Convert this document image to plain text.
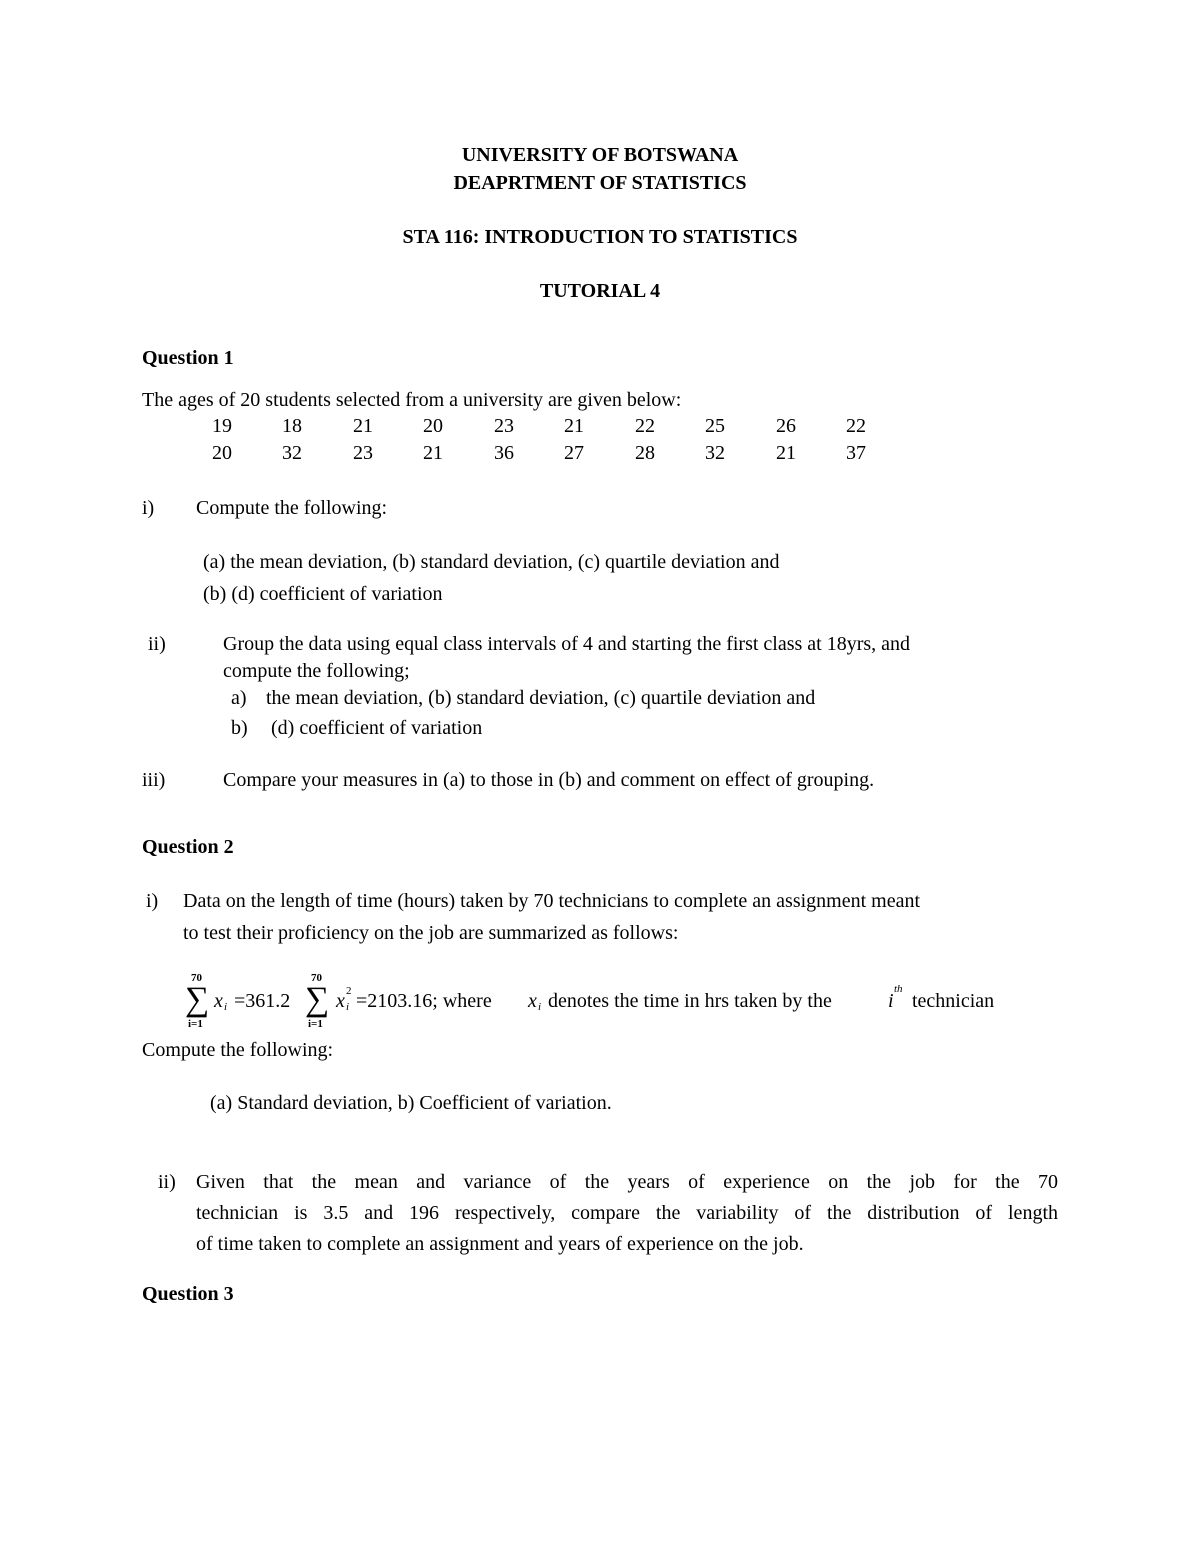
UNIVERSITY OF BOTSWANA
DEAPRTMENT OF STATISTICS
STA 116: INTRODUCTION TO STATISTICS
TUTORIAL 4
Question 1
The ages of 20 students selected from a university are given below:
19	18	21	20	23	21	22	25	26	22
20	32	23	21	36	27	28	32	21	37
i) Compute the following:
(a) the mean deviation, (b) standard deviation, (c) quartile deviation and
(b) (d) coefficient of variation
ii)	Group the data using equal class intervals of 4 and starting the first class at 18yrs, and
compute the following;
a) the mean deviation, (b) standard deviation, (c) quartile deviation and
b) (d) coefficient of variation
iii)	Compare your measures in (a) to those in (b) and comment on effect of grouping.
Question 2
i) Data on the length of time (hours) taken by 70 technicians to complete an assignment meant
to test their proficiency on the job are summarized as follows:
70
∑
i=1
x i =361.2
70
∑
i=1
x 2
i =2103.16; where x i denotes the time in hrs taken by the	i
th
technician
Compute the following:
(a) Standard deviation, b) Coefficient of variation.
ii) Given that the mean and variance of the years of experience on the job for the 70
technician is 3.5 and 196 respectively, compare the variability of the distribution of length
of time taken to complete an assignment and years of experience on the job.
Question 3
